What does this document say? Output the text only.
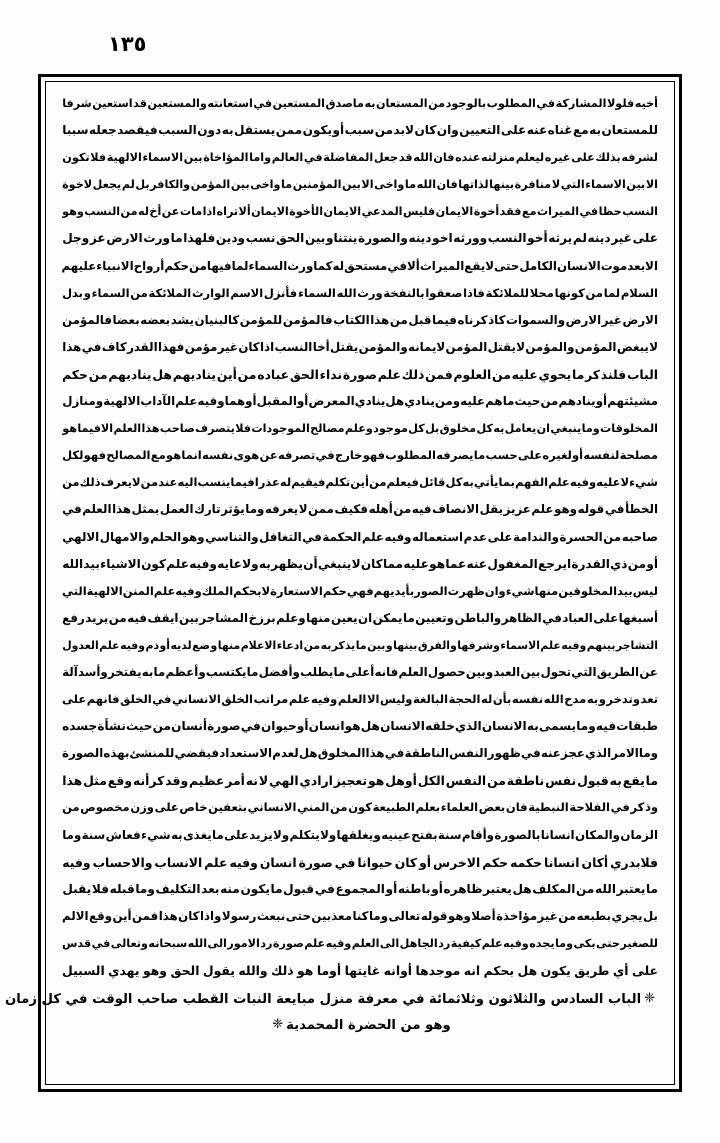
١٣٥
أخيه
فلولا
المشاركة
في
المطلوب
بالوجود
من
المستعان
به
ماصدق
المستعين
في
استعانته
والمستعين
قد
استعين
شرفا
للمستعان
به
مع
غناه
عنه
على
التعيين
وان
كان
لابد
من
سبب
أو
يكون
ممن
يستقل
به
دون
السبب
فيقصد
جعله
سببا
لشرفه
بذلك
على
غيره
ليعلم
منزلته
عنده
فان
الله
قد
جعل
المفاضلة
في
العالم
واما
المؤاخاة
بين
الاسماء
الالهية
فلا
تكون
الا
بين
الاسماء
التي
لا
منافرة
بينها
لذاتها
فان
الله
ما
واخى
الا
بين
المؤمنين
ما
واخى
بين
المؤمن
والكافر
بل
لم
يجعل
لاخوة
النسب
حظا
في
الميراث
مع
فقد
أخوة
الايمان
فليس
المدعي
الايمان
الأخوة
الايمان
ألا
تراه
اذا
مات
عن
أخ
له
من
النسب
وهو
على
غير
دينه
لم
يرثه
أخو
النسب
وورثه
اخو
دينه
والصورة
ينتناو
بين
الحق
نسب
ودين
فلهذا
ما
ورث
الارض
عز
وجل
الا
بعد
موت
الانسان
الكامل
حتى
لا
يقع
الميراث
ألا
في
مستحق
له
كما
ورث
السماء
لما
فيها
من
حكم
أرواح
الانبياء
عليهم
السلام
لما
من
كونها
محلا
للملائكة
فاذا
صعقوا
بالنفخة
ورث
الله
السماء
فأنزل
الاسم
الوارث
الملائكة
من
السماء
و
بدل
الارض
غير
الارض
والسموات
كاذ
كرناه
فيما
قبل
من
هذا
الكتاب
فالمؤمن
للمؤمن
كالبنيان
يشد
بعضه
بعضا
فالمؤمن
لا
يبغض
المؤمن
والمؤمن
لا
يقتل
المؤمن
لايمانه
والمؤمن
يقتل
أخا
النسب
اذا
كان
غير
مؤمن
فهذا
القدر
كاف
في
هذا
الباب
فلنذ
كر
ما
يحوي
عليه
من
العلوم
فمن
ذلك
علم
صورة
نداء
الحق
عباده
من
أين
يناديهم
هل
يناديهم
من
حكم
مشيئتهم
أو
ينادهم
من
حيث
ما
هم
عليه
ومن
ينادي
هل
ينادي
المعرض
أو
المقبل
أوهما
وفيه
علم
الآداب
الالهية
ومنازل
المخلوقات
وما
ينبغي
ان
يعامل
به
كل
مخلوق
بل
كل
موجود
وعلم
مصالح
الموجودات
فلا
يتصرف
صاحب
هذا
العلم
الافيما
هو
مصلحة
لنفسه
أو
لغيره
على
حسب
ما
يصرفه
المطلوب
فهو
خارج
في
تصرفه
عن
هوى
نفسه
انما
هو
مع
المصالح
فهو
لكل
شيء
لا
عليه
وفيه
علم
الفهم
بما
يأتي
به
كل
قائل
فيعلم
من
أين
تكلم
فيقيم
له
عذرا
فيما
ينسب
اليه
عند
من
لا
يعرف
ذلك
من
الخطأ
في
قوله
وهو
علم
عزيز
يقل
الانصاف
فيه
من
أهله
فكيف
ممن
لا
يعرفه
وما
يؤثر
تارك
العمل
بمثل
هذا
العلم
في
صاحبه
من
الحسرة
والندامة
على
عدم
استعماله
وفيه
علم
الحكمة
في
التغافل
والتناسي
وهو
الحلم
والامهال
الالهي
أو
من
ذي
القدرة
ايرجع
المغفول
عنه
عما
هو
عليه
مما
كان
لا
ينبغي
أن
يظهر
به
ولا
عايه
وفيه
علم
كون
الاشياء
بيد
الله
ليس
بيد
المخلوقين
منها
شيء
وان
ظهرت
الصور
بأيديهم
فهي
حكم
الاستعارة
لا
بحكم
الملك
وفيه
علم
المنن
الالهية
التي
أسبغها
على
العباد
في
الظاهر
والباطن
وتعيين
ما
يمكن
ان
يعين
منها
وعلم
برزخ
المشاجر
بين
ايقف
فيه
من
يريد
رفع
التشاجر
بينهم
وفيه
علم
الاسماء
وشرفها
والفرق
بينها
و
بين
ما
يذكر
به
من
ادعاء
الاعلام
منها
و
ضع
لديه
أو
ذم
وفيه
علم
العدول
عن
الطريق
التي
تحول
بين
العبد
و
بين
حصول
العلم
فانه
أعلى
ما
يطلب
وأفضل
ما
يكتسب
وأعظم
ما
به
يفتخر
وأسد
آلة
تعد
وتدخر
و
به
مدح
الله
نفسه
بأن
له
الحجة
البالغة
وليس
الا
العلم
وفيه
علم
مراتب
الخلق
الانساني
في
الخلق
فانهم
على
طبقات
فيه
وما
يسمى
به
الانسان
الذي
خلقه
الانسان
هل
هو
انسان
أو
حيوان
في
صورة
أنسان
من
حيث
نشأة
جسده
وما
الامر
الذي
عجز
عنه
في
ظهور
النفس
الناطقة
في
هذا
المخلوق
هل
لعدم
الاستعداد
فيقضي
للمنشئ
بهذه
الصورة
ما
يقع
به
قبول
نفس
ناطقة
من
النفس
الكل
أوهل
هو
تعجيز
ارادي
الهي
لا
نه
أمر
عظيم
وقد
كرأنه
وقع
مثل
هذا
وذ
كر
في
الفلاحة
النبطية
فان
بعض
العلماء
بعلم
الطبيعة
كون
من
المني
الانساني
بتعفين
خاص
على
وزن
مخصوص
من
الزمان
والمكان
انسانا
بالصورة
وأقام
سنة
بفتح
عينيه
و
يغلقها
ولا
يتكلم
ولا
يز
يد
على
ما
يغذى
به
شيء
فعاش
سنة
وما
فلابدري
أكان
انسانا
حكمه
حكم
الاخرس
أو
كان
حيوانا
في
صورة
انسان
وفيه
علم
الانساب
والاحساب
وفيه
ما
يعتبر
الله
من
المكلف
هل
يعتبر
ظاهره
أو
باطنه
أو
المجموع
في
قبول
ما
يكون
منه
بعد
التكليف
وما
قبله
فلا
يقبل
بل
يجري
بطبعه
من
غير
مؤاخذة
أصلا
وهو
قوله
تعالى
وما
كنا
معذبين
حتى
نبعث
رسولا
واذا
كان
هذا
فمن
أين
وقع
الالم
للصغير
حتى
بكى
وما
يجده
وفيه
علم
كيفية
رد
الجاهل
الى
العلم
وفيه
علم
صورة
رد
الامور
الى
الله
سبحانه
وتعالى
في
قدس
على
أي
طريق
يكون
هل
بحكم
انه
موجدها
أوانه
غايتها
أوما
هو
ذلك
والله
يقول
الحق
وهو
يهدي
السبيل
❈الباب السادس والثلاثون وثلاثمائة في معرفة منزل مبايعة النبات القطب صاحب الوقت في كل زمان
وهو من الحضرة المحمدية❈
